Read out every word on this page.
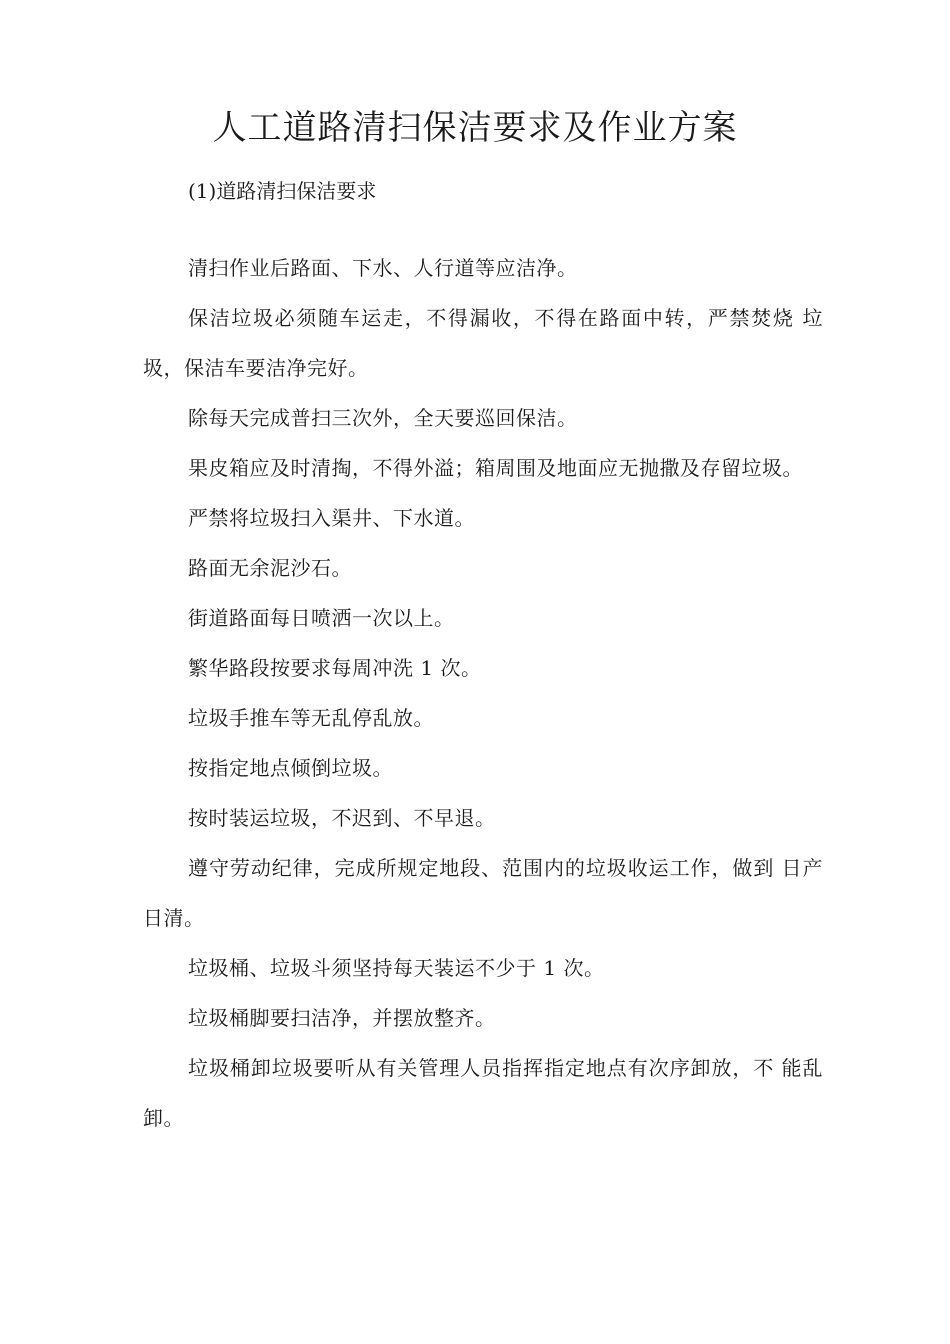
人工道路清扫保洁要求及作业方案
(1)道路清扫保洁要求

清扫作业后路面、下水、人行道等应洁净。

保洁垃圾必须随车运走，不得漏收，不得在路面中转，严禁焚烧 垃圾，保洁车要洁净完好。

除每天完成普扫三次外，全天要巡回保洁。

果皮箱应及时清掏，不得外溢；箱周围及地面应无抛撒及存留垃圾。

严禁将垃圾扫入渠井、下水道。

路面无余泥沙石。

街道路面每日喷洒一次以上。

繁华路段按要求每周冲洗 1 次。

垃圾手推车等无乱停乱放。

按指定地点倾倒垃圾。

按时装运垃圾，不迟到、不早退。

遵守劳动纪律，完成所规定地段、范围内的垃圾收运工作，做到 日产日清。

垃圾桶、垃圾斗须坚持每天装运不少于 1 次。

垃圾桶脚要扫洁净，并摆放整齐。

垃圾桶卸垃圾要听从有关管理人员指挥指定地点有次序卸放，不 能乱卸。
